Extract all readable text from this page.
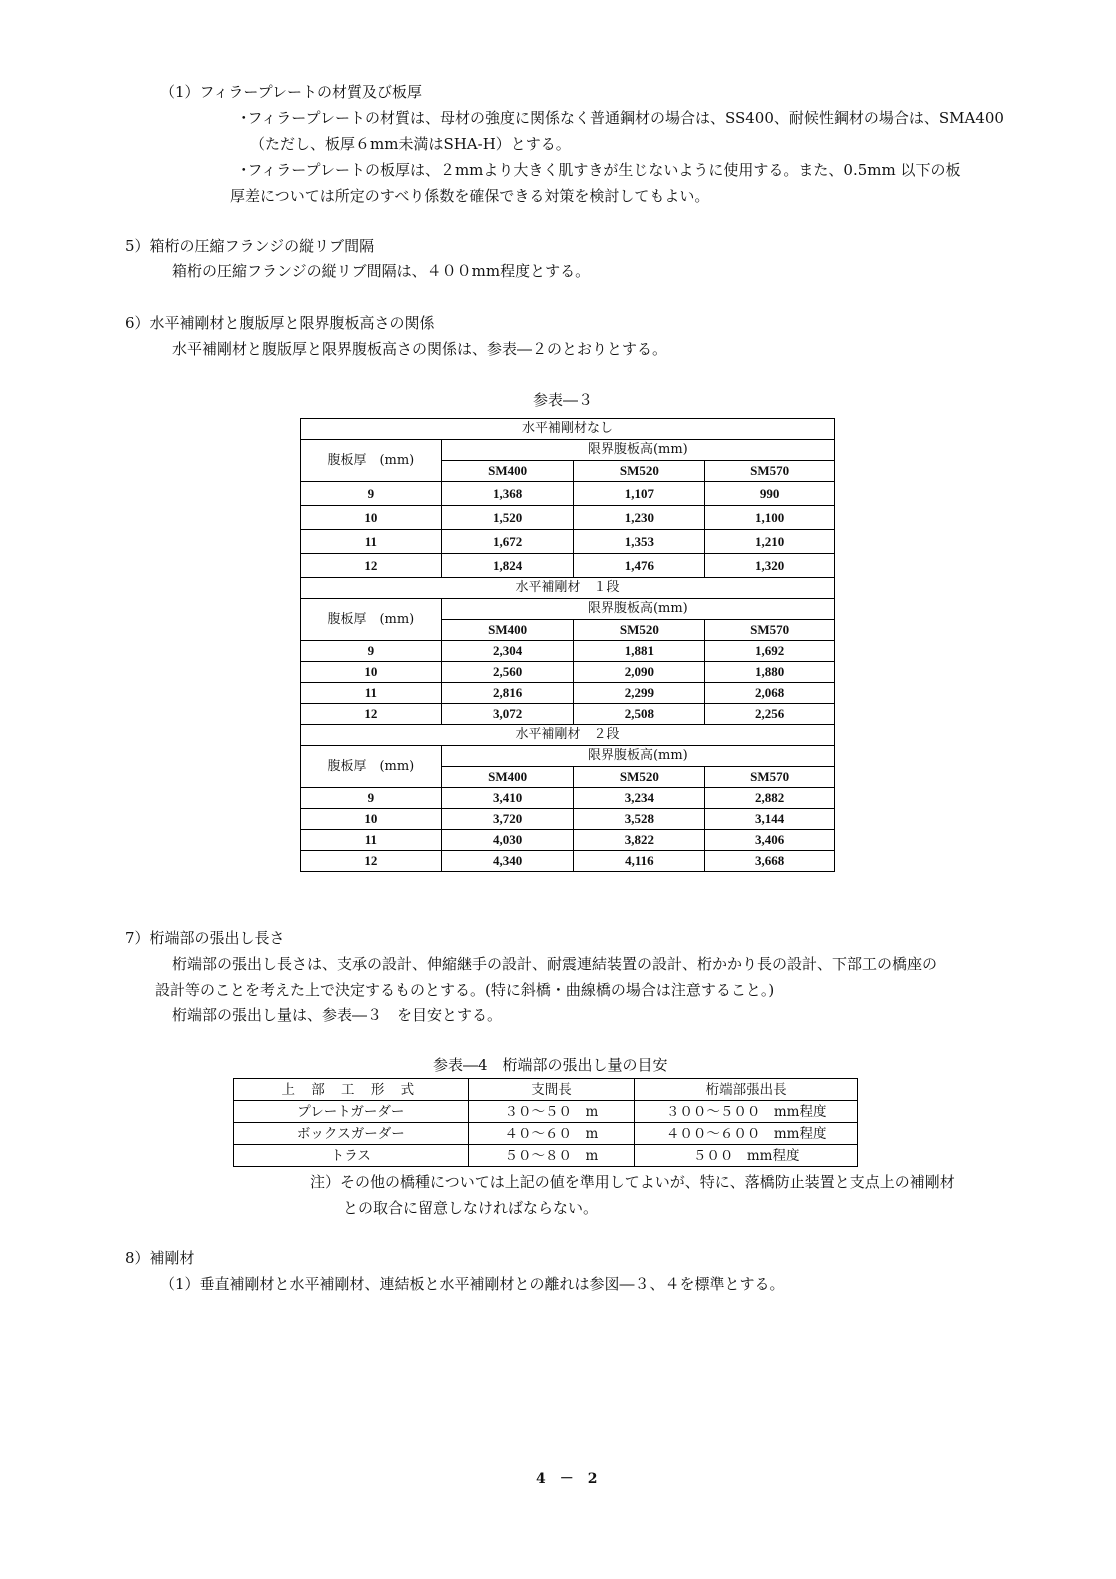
（1）フィラープレートの材質及び板厚
･フィラープレートの材質は、母材の強度に関係なく普通鋼材の場合は、SS400、耐候性鋼材の場合は、SMA400
（ただし、板厚６mm未満はSHA-H）とする。
･フィラープレートの板厚は、２mmより大きく肌すきが生じないように使用する。また、0.5mm 以下の板
厚差については所定のすべり係数を確保できる対策を検討してもよい。
5）箱桁の圧縮フランジの縦リブ間隔
箱桁の圧縮フランジの縦リブ間隔は、４００mm程度とする。
6）水平補剛材と腹版厚と限界腹板高さの関係
水平補剛材と腹版厚と限界腹板高さの関係は、参表―２のとおりとする。
参表―３
水平補剛材なし			
腹板厚　(mm)	限界腹板高(mm)		
	SM400	SM520	SM570
9	1,368	1,107	990
10	1,520	1,230	1,100
11	1,672	1,353	1,210
12	1,824	1,476	1,320
水平補剛材　１段			
腹板厚　(mm)	限界腹板高(mm)		
	SM400	SM520	SM570
9	2,304	1,881	1,692
10	2,560	2,090	1,880
11	2,816	2,299	2,068
12	3,072	2,508	2,256
水平補剛材　２段			
腹板厚　(mm)	限界腹板高(mm)		
	SM400	SM520	SM570
9	3,410	3,234	2,882
10	3,720	3,528	3,144
11	4,030	3,822	3,406
12	4,340	4,116	3,668
7）桁端部の張出し長さ
桁端部の張出し長さは、支承の設計、伸縮継手の設計、耐震連結装置の設計、桁かかり長の設計、下部工の橋座の
設計等のことを考えた上で決定するものとする。(特に斜橋・曲線橋の場合は注意すること。)
桁端部の張出し量は、参表―３　を目安とする。
参表―4　桁端部の張出し量の目安
上 部 工 形 式	支間長	桁端部張出長
プレートガーダー	３０～５０　m	３００～５００　mm程度
ボックスガーダー	４０～６０　m	４００～６００　mm程度
トラス	５０～８０　m	５００　mm程度
注）その他の橋種については上記の値を準用してよいが、特に、落橋防止装置と支点上の補剛材
との取合に留意しなければならない。
8）補剛材
（1）垂直補剛材と水平補剛材、連結板と水平補剛材との離れは参図―３、４を標準とする。
4　－　2
